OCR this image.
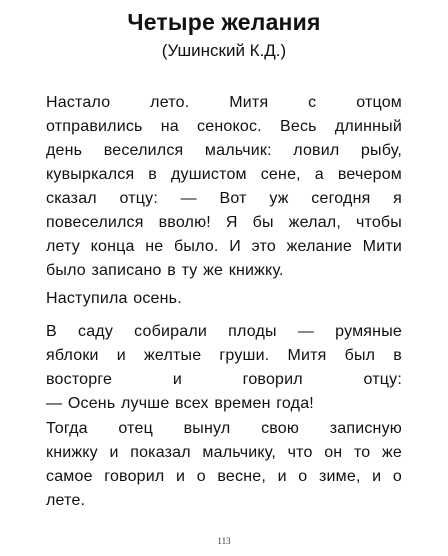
Четыре желания
(Ушинский К.Д.)
Настало лето. Митя с отцом
отправились на сенокос. Весь длинный
день веселился мальчик: ловил рыбу,
кувыркался в душистом сене, а вечером
сказал отцу: — Вот уж сегодня я
повеселился вволю! Я бы желал, чтобы
лету конца не было. И это желание Мити
было записано в ту же книжку.
Наступила осень.
В саду собирали плоды — румяные
яблоки и желтые груши. Митя был в
восторге и говорил отцу:
— Осень лучше всех времен года!
Тогда отец вынул свою записную
книжку и показал мальчику, что он то же
самое говорил и о весне, и о зиме, и о
лете.
113
